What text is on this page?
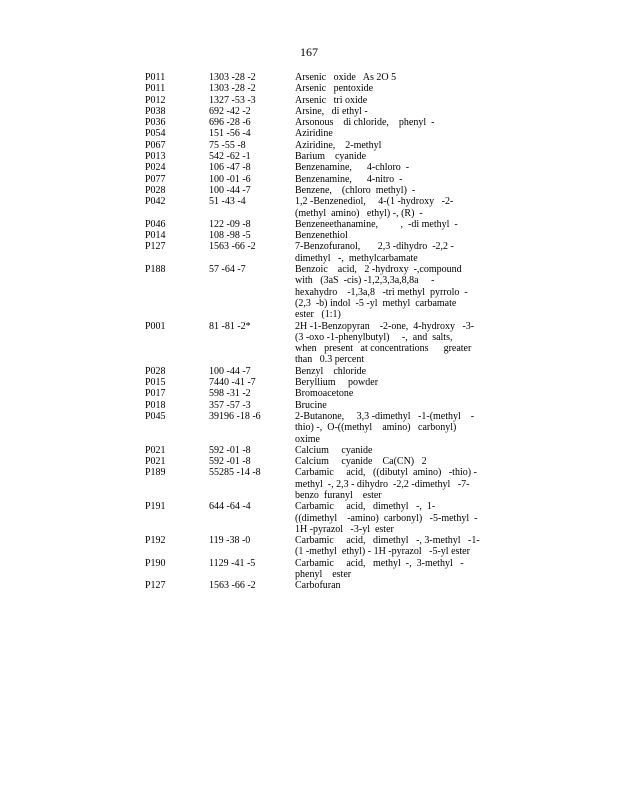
167
P011	1303 -28 -2	Arsenic   oxide   As 2O 5
P011	1303 -28 -2	Arsenic   pentoxide
P012	1327 -53 -3	Arsenic   tri oxide
P038	692 -42 -2	Arsine,   di ethyl -
P036	696 -28 -6	Arsonous    di chloride,    phenyl  -
P054	151 -56 -4	Aziridine
P067	75 -55 -8	Aziridine,    2-methyl
P013	542 -62 -1	Barium    cyanide
P024	106 -47 -8	Benzenamine,      4-chloro  -
P077	100 -01 -6	Benzenamine,      4-nitro  -
P028	100 -44 -7	Benzene,    (chloro  methyl)  -
P042	51 -43 -4	1,2 -Benzenediol,     4-(1 -hydroxy   -2-
(methyl  amino)   ethyl) -, (R)  -
P046	122 -09 -8	Benzeneethanamine,         ,  -di methyl  -
P014	108 -98 -5	Benzenethiol
P127	1563 -66 -2	7-Benzofuranol,       2,3 -dihydro  -2,2 -
dimethyl   -,  methylcarbamate
P188	57 -64 -7	Benzoic    acid,   2 -hydroxy  -,compound
with   (3aS  -cis) -1,2,3,3a,8,8a     -
hexahydro    -1,3a,8   -tri methyl  pyrrolo  -
(2,3  -b) indol  -5 -yl  methyl  carbamate
ester   (1:1)
P001	81 -81 -2*	2H -1-Benzopyran    -2-one,  4-hydroxy   -3-
(3 -oxo -1-phenylbutyl)     -,  and  salts,
when   present   at concentrations      greater
than   0.3 percent
P028	100 -44 -7	Benzyl    chloride
P015	7440 -41 -7	Beryllium     powder
P017	598 -31 -2	Bromoacetone
P018	357 -57 -3	Brucine
P045	39196 -18 -6	2-Butanone,     3,3 -dimethyl   -1-(methyl    -
thio) -,  O-((methyl    amino)   carbonyl)
oxime
P021	592 -01 -8	Calcium     cyanide
P021	592 -01 -8	Calcium     cyanide    Ca(CN)   2
P189	55285 -14 -8	Carbamic     acid,   ((dibutyl  amino)   -thio) -
methyl  -, 2,3 - dihydro  -2,2 -dimethyl   -7-
benzo  furanyl    ester
P191	644 -64 -4	Carbamic     acid,   dimethyl   -,  1-
((dimethyl    -amino)  carbonyl)   -5-methyl  -
1H -pyrazol   -3-yl  ester
P192	119 -38 -0	Carbamic     acid,   dimethyl   -, 3-methyl   -1-
(1 -methyl  ethyl) - 1H -pyrazol   -5-yl ester
P190	1129 -41 -5	Carbamic     acid,   methyl  -,  3-methyl   -
phenyl    ester
P127	1563 -66 -2	Carbofuran
